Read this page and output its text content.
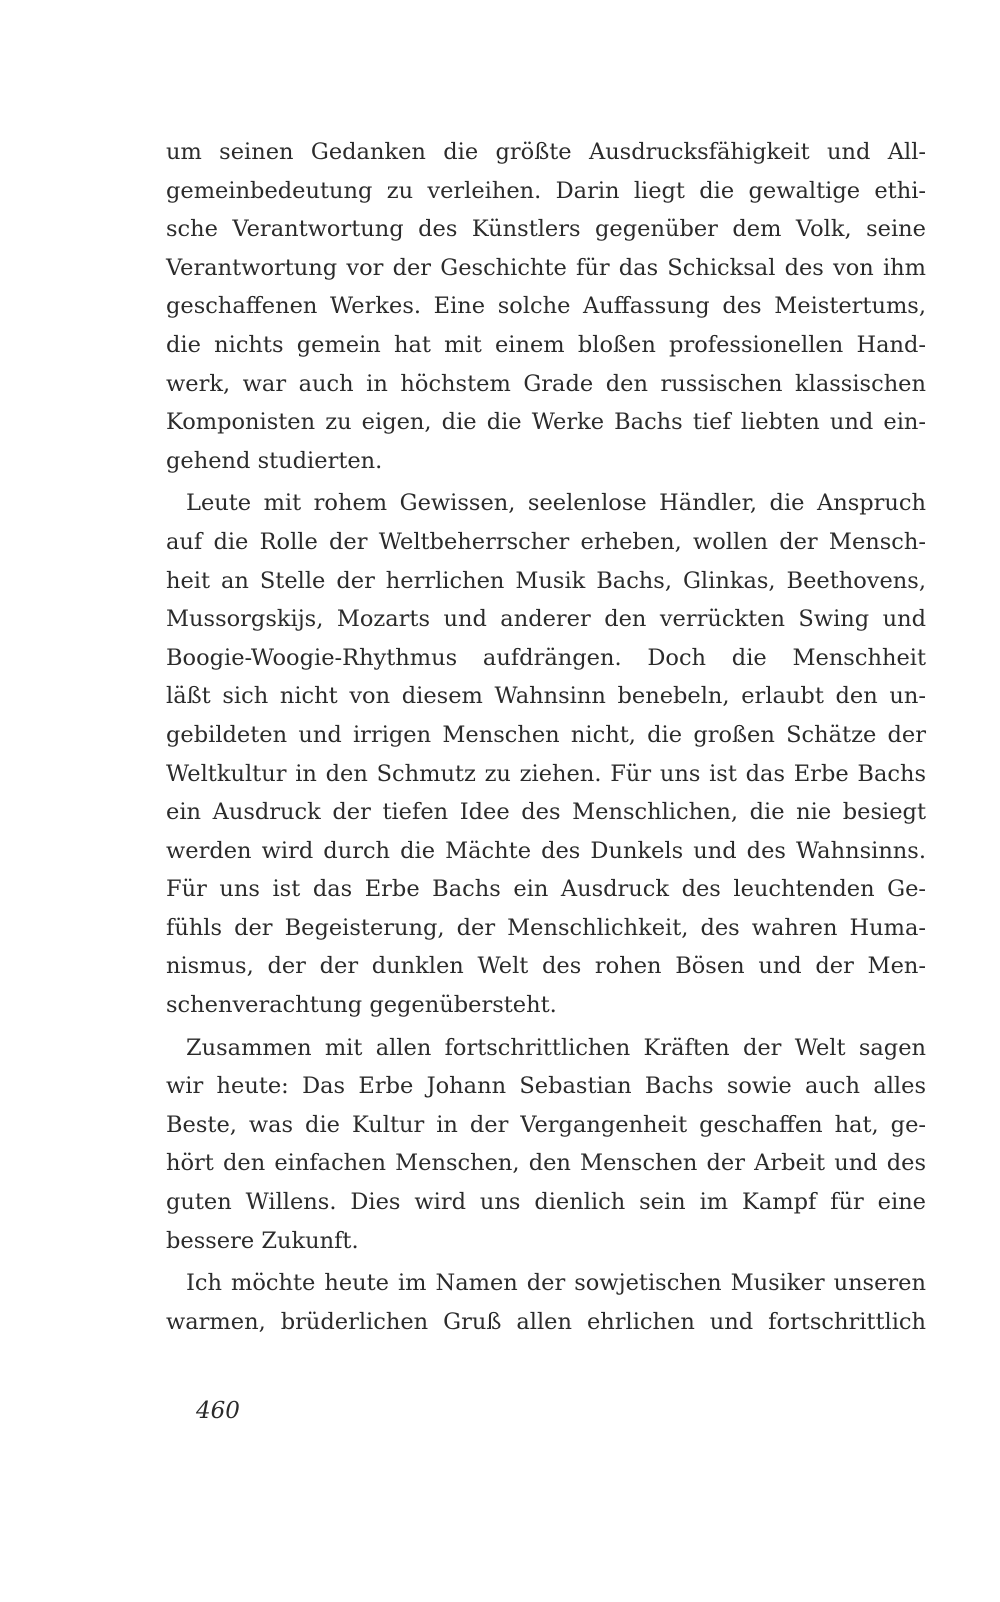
um seinen Gedanken die größte Ausdrucksfähigkeit und All-
gemeinbedeutung zu verleihen. Darin liegt die gewaltige ethi-
sche Verantwortung des Künstlers gegenüber dem Volk, seine
Verantwortung vor der Geschichte für das Schicksal des von ihm
geschaffenen Werkes. Eine solche Auffassung des Meistertums,
die nichts gemein hat mit einem bloßen professionellen Hand-
werk, war auch in höchstem Grade den russischen klassischen
Komponisten zu eigen, die die Werke Bachs tief liebten und ein-
gehend studierten.
Leute mit rohem Gewissen, seelenlose Händler, die Anspruch
auf die Rolle der Weltbeherrscher erheben, wollen der Mensch-
heit an Stelle der herrlichen Musik Bachs, Glinkas, Beethovens,
Mussorgskijs, Mozarts und anderer den verrückten Swing und
Boogie-Woogie-Rhythmus aufdrängen. Doch die Menschheit
läßt sich nicht von diesem Wahnsinn benebeln, erlaubt den un-
gebildeten und irrigen Menschen nicht, die großen Schätze der
Weltkultur in den Schmutz zu ziehen. Für uns ist das Erbe Bachs
ein Ausdruck der tiefen Idee des Menschlichen, die nie besiegt
werden wird durch die Mächte des Dunkels und des Wahnsinns.
Für uns ist das Erbe Bachs ein Ausdruck des leuchtenden Ge-
fühls der Begeisterung, der Menschlichkeit, des wahren Huma-
nismus, der der dunklen Welt des rohen Bösen und der Men-
schenverachtung gegenübersteht.
Zusammen mit allen fortschrittlichen Kräften der Welt sagen
wir heute: Das Erbe Johann Sebastian Bachs sowie auch alles
Beste, was die Kultur in der Vergangenheit geschaffen hat, ge-
hört den einfachen Menschen, den Menschen der Arbeit und des
guten Willens. Dies wird uns dienlich sein im Kampf für eine
bessere Zukunft.
Ich möchte heute im Namen der sowjetischen Musiker unseren
warmen, brüderlichen Gruß allen ehrlichen und fortschrittlich
460
